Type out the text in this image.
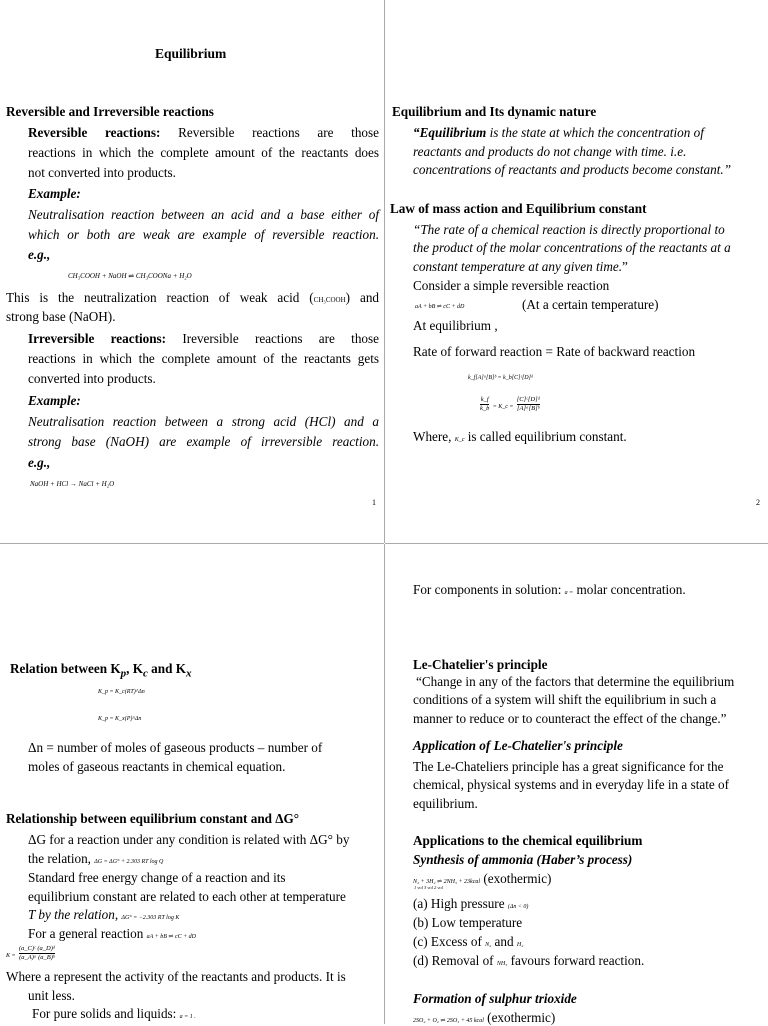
Equilibrium
Reversible and Irreversible reactions
Reversible reactions: Reversible reactions are those
reactions in which the complete amount of the reactants does
not converted into products.
Example:
Neutralisation reaction between an acid and a base either of
which or both are weak are example of reversible reaction.
e.g.,
CH₃COOH + NaOH ⇌ CH₃COONa + H₂O
This is the neutralization reaction of weak acid (CH₃COOH) and
strong base (NaOH).
Irreversible reactions: Ireversible reactions are those
reactions in which the complete amount of the reactants gets
converted into products.
Example:
Neutralisation reaction between a strong acid (HCl) and a
strong base (NaOH) are example of irreversible reaction.
e.g.,
NaOH + HCl → NaCl + H₂O
1
Equilibrium and Its dynamic nature
“Equilibrium is the state at which the concentration of
reactants and products do not change with time. i.e.
concentrations of reactants and products become constant.”
Law of mass action and Equilibrium constant
“The rate of a chemical reaction is directly proportional to
the product of the molar concentrations of the reactants at a
constant temperature at any given time.”
Consider a simple reversible reaction
aA + bB ⇌ cC + dD	(At a certain temperature)
At equilibrium ,
Rate of forward reaction = Rate of backward reaction
k_f[A]ᵃ[B]ᵇ = k_b[C]ᶜ[D]ᵈ
$\frac{k\_f}{k\_b}$ = K_c = $\frac{\text{[C]ᶜ[D]ᵈ}}{\text{[A]ᵃ[B]ᵇ}}$
Where, K_c is called equilibrium constant.
2
Relation between $K_p$, $K_c$ and $K_x$
K_p = K_c(RT)^Δn
K_p = K_x(P)^Δn
Δn = number of moles of gaseous products – number of
moles of gaseous reactants in chemical equation.
Relationship between equilibrium constant and ΔG°
ΔG for a reaction under any condition is related with ΔG° by
the relation, ΔG = ΔG° + 2.303 RT log Q
Standard free energy change of a reaction and its
equilibrium constant are related to each other at temperature
T by the relation, ΔG° = −2.303 RT log K
For a general reaction aA + bB ⇌ cC + dD
$K = \frac{\text{(a\_C)ᶜ (a\_D)ᵈ}}{\text{(a\_A)ᵃ (a\_B)ᵇ}}$
Where a represent the activity of the reactants and products. It is
unit less.
For pure solids and liquids: a = 1 .
For components in solution: a = molar concentration.
Le-Chatelier's principle
“Change in any of the factors that determine the equilibrium
conditions of a system will shift the equilibrium in such a
manner to reduce or to counteract the effect of the change.”
Application of Le-Chatelier's principle
The Le-Chateliers principle has a great significance for the
chemical, physical systems and in everyday life in a state of
equilibrium.
Applications to the chemical equilibrium
Synthesis of ammonia (Haber’s process)
N₂ + 3H₂ ⇌ 2NH₃ + 23kcal (exothermic)
1 vol 3 vol 2 vol
(a) High pressure (Δn < 0)
(b) Low temperature
(c) Excess of N₂ and H₂
(d) Removal of NH₃ favours forward reaction.
Formation of sulphur trioxide
2SO₂ + O₂ ⇌ 2SO₃ + 45 kcal (exothermic)
